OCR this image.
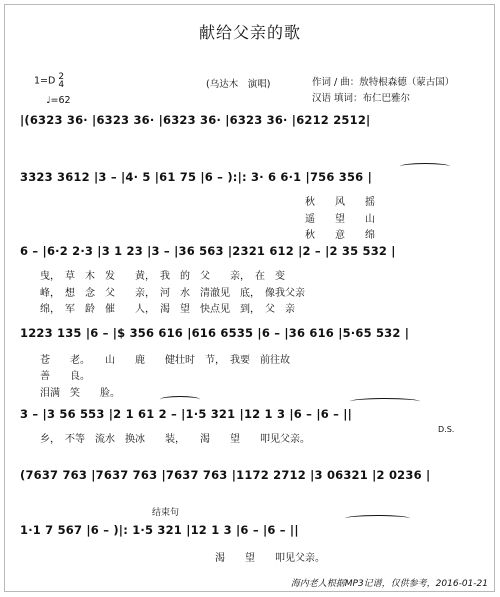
献给父亲的歌
1=D 2
4
♩=62
(乌达木　演唱)	作词 / 曲：敖特根森德（蒙古国）
汉语 填词：布仁巴雅尔
|(6323 36· |6323 36· |6323 36· |6323 36· |6212 2512|
3323 3612 |3 – |4· 5 |61 75 |6 – ):|: 3· 6 6·1 |756 356 |
秋　　风　　摇
遥　　望　　山
秋　　意　　绵
6 – |6·2 2·3 |3 1 23 |3 – |36 563 |2321 612 |2 – |2 35 532 |
曳，　草　木　发　　黄，　我　的　父　　亲，　在　变
峰，　想　念　父　　亲，　河　水　清澈见　底，　像我父亲
绵，　军　龄　催　　人，　渴　望　快点见　到，　父　亲
1223 135 |6 – |$ 356 616 |616 6535 |6 – |36 616 |5·65 532 |
苍　　老。　　山　　鹿　　健壮时　节，　我要　前往故
善　　良。
泪满　笑　　脸。
3 – |3 56 553 |2 1 61 2 – |1·5 321 |12 1 3 |6 – |6 – ||
D.S.
乡，　不等　流水　换冰　　装，　　渴　　望　　叩见父亲。
(7637 763 |7637 763 |7637 763 |1172 2712 |3 06321 |2 0236 |
结束句
1·1 7 567 |6 – )|: 1·5 321 |12 1 3 |6 – |6 – ||
渴　　望　　叩见父亲。
海内老人根据MP3记谱，仅供参考，2016-01-21
